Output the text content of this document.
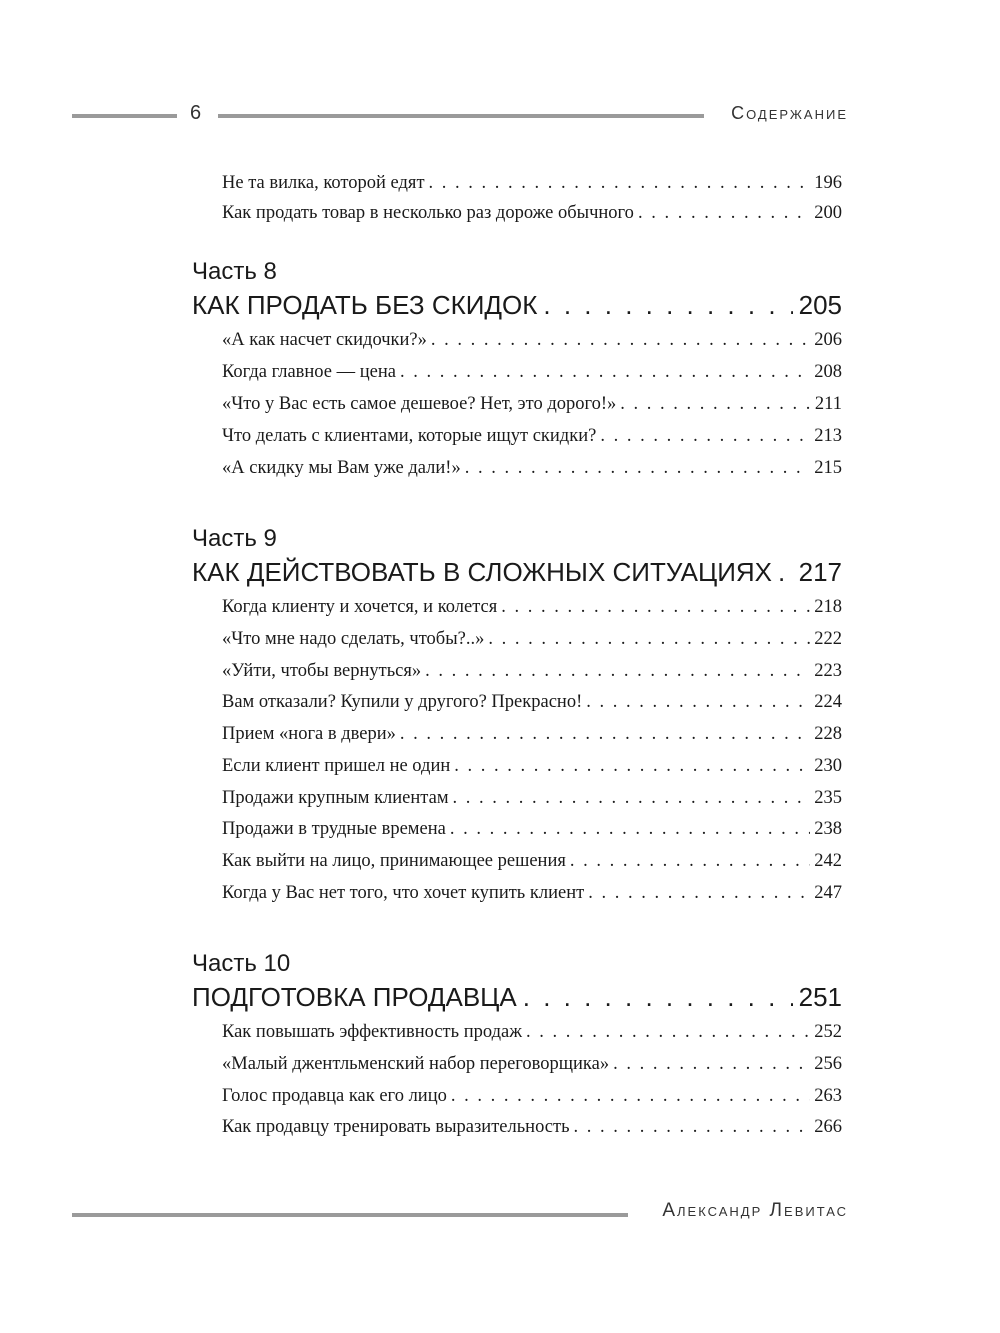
6	Содержание
Не та вилка, которой едят . . .	196
Как продать товар в несколько раз дороже обычного . . .	200
Часть 8
КАК ПРОДАТЬ БЕЗ СКИДОК . . .	205
«А как насчет скидочки?» . . .	206
Когда главное — цена . . .	208
«Что у Вас есть самое дешевое? Нет, это дорого!» . . .	211
Что делать с клиентами, которые ищут скидки? . . .	213
«А скидку мы Вам уже дали!» . . .	215
Часть 9
КАК ДЕЙСТВОВАТЬ В СЛОЖНЫХ СИТУАЦИЯХ . . . 217
Когда клиенту и хочется, и колется . . .	218
«Что мне надо сделать, чтобы?..» . . .	222
«Уйти, чтобы вернуться» . . .	223
Вам отказали? Купили у другого? Прекрасно! . . .	224
Прием «нога в двери» . . .	228
Если клиент пришел не один . . .	230
Продажи крупным клиентам . . .	235
Продажи в трудные времена . . .	238
Как выйти на лицо, принимающее решения . . .	242
Когда у Вас нет того, что хочет купить клиент . . .	247
Часть 10
ПОДГОТОВКА ПРОДАВЦА . . .	251
Как повышать эффективность продаж . . .	252
«Малый джентльменский набор переговорщика» . . .	256
Голос продавца как его лицо . . .	263
Как продавцу тренировать выразительность . . .	266
Александр Левитас
